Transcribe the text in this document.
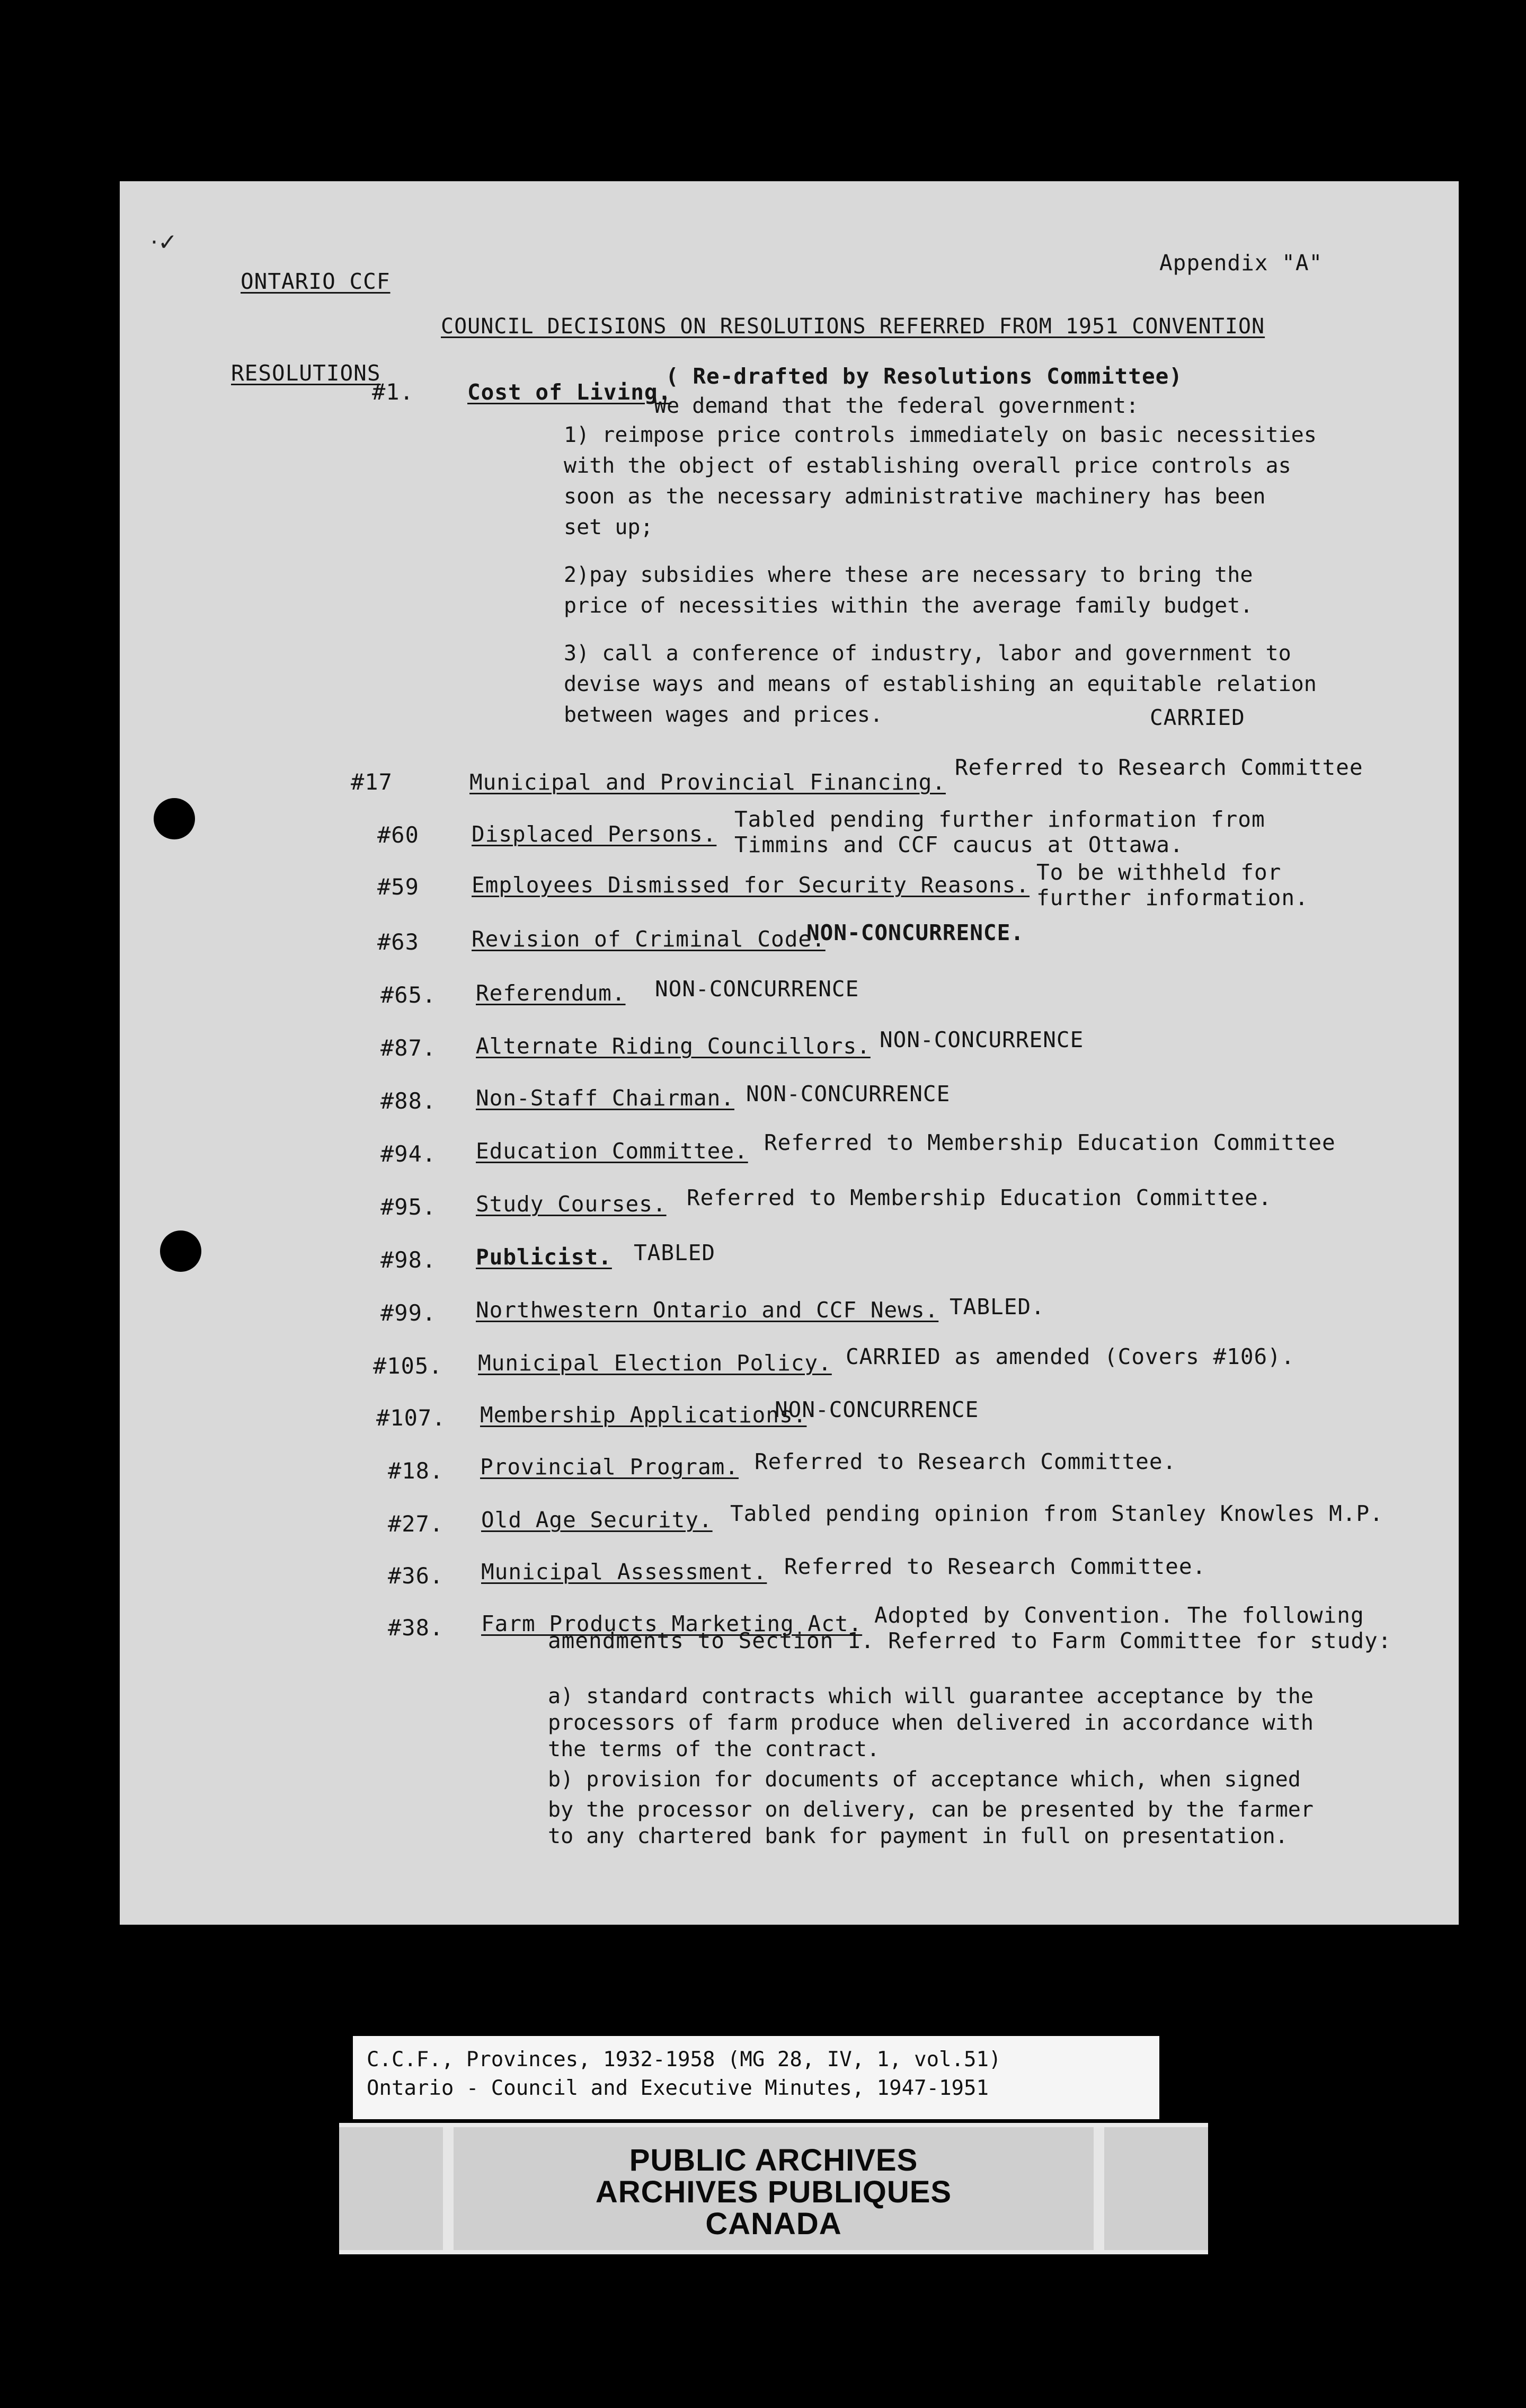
·✓
ONTARIO CCF
Appendix "A"
COUNCIL DECISIONS ON RESOLUTIONS REFERRED FROM 1951 CONVENTION
RESOLUTIONS
#1. Cost of Living.
( Re-drafted by Resolutions Committee)
We demand that the federal government:
1) reimpose price controls immediately on basic necessities
with the object of establishing overall price controls as
soon as the necessary administrative machinery has been
set up;
2)pay subsidies where these are necessary to bring the
price of necessities within the average family budget.
3) call a conference of industry, labor and government to
devise ways and means of establishing an equitable relation
between wages and prices.	CARRIED
#17	Municipal and Provincial Financing.
Referred to Research Committee
#60 Displaced Persons.
Tabled pending further information from
Timmins and CCF caucus at Ottawa.
#59 Employees Dismissed for Security Reasons. To be withheld for
further information.
#63 Revision of Criminal Code.
NON-CONCURRENCE.
#65. Referendum. NON-CONCURRENCE
#87. Alternate Riding Councillors. NON-CONCURRENCE
#88. Non-Staff Chairman. NON-CONCURRENCE
#94. Education Committee. Referred to Membership Education Committee
#95. Study Courses. Referred to Membership Education Committee.
#98. Publicist. TABLED
#99. Northwestern Ontario and CCF News. TABLED.
#105. Municipal Election Policy. CARRIED as amended (Covers #106).
#107. Membership Applications.
NON-CONCURRENCE
#18. Provincial Program. Referred to Research Committee.
#27. Old Age Security. Tabled pending opinion from Stanley Knowles M.P.
#36. Municipal Assessment. Referred to Research Committee.
#38. Farm Products Marketing Act. Adopted by Convention. The following
amendments to Section 1. Referred to Farm Committee for study:
a) standard contracts which will guarantee acceptance by the
processors of farm produce when delivered in accordance with
the terms of the contract.
b) provision for documents of acceptance which, when signed
by the processor on delivery, can be presented by the farmer
to any chartered bank for payment in full on presentation.
C.C.F., Provinces, 1932-1958 (MG 28, IV, 1, vol.51)
Ontario - Council and Executive Minutes, 1947-1951
PUBLIC ARCHIVES
ARCHIVES PUBLIQUES
CANADA
